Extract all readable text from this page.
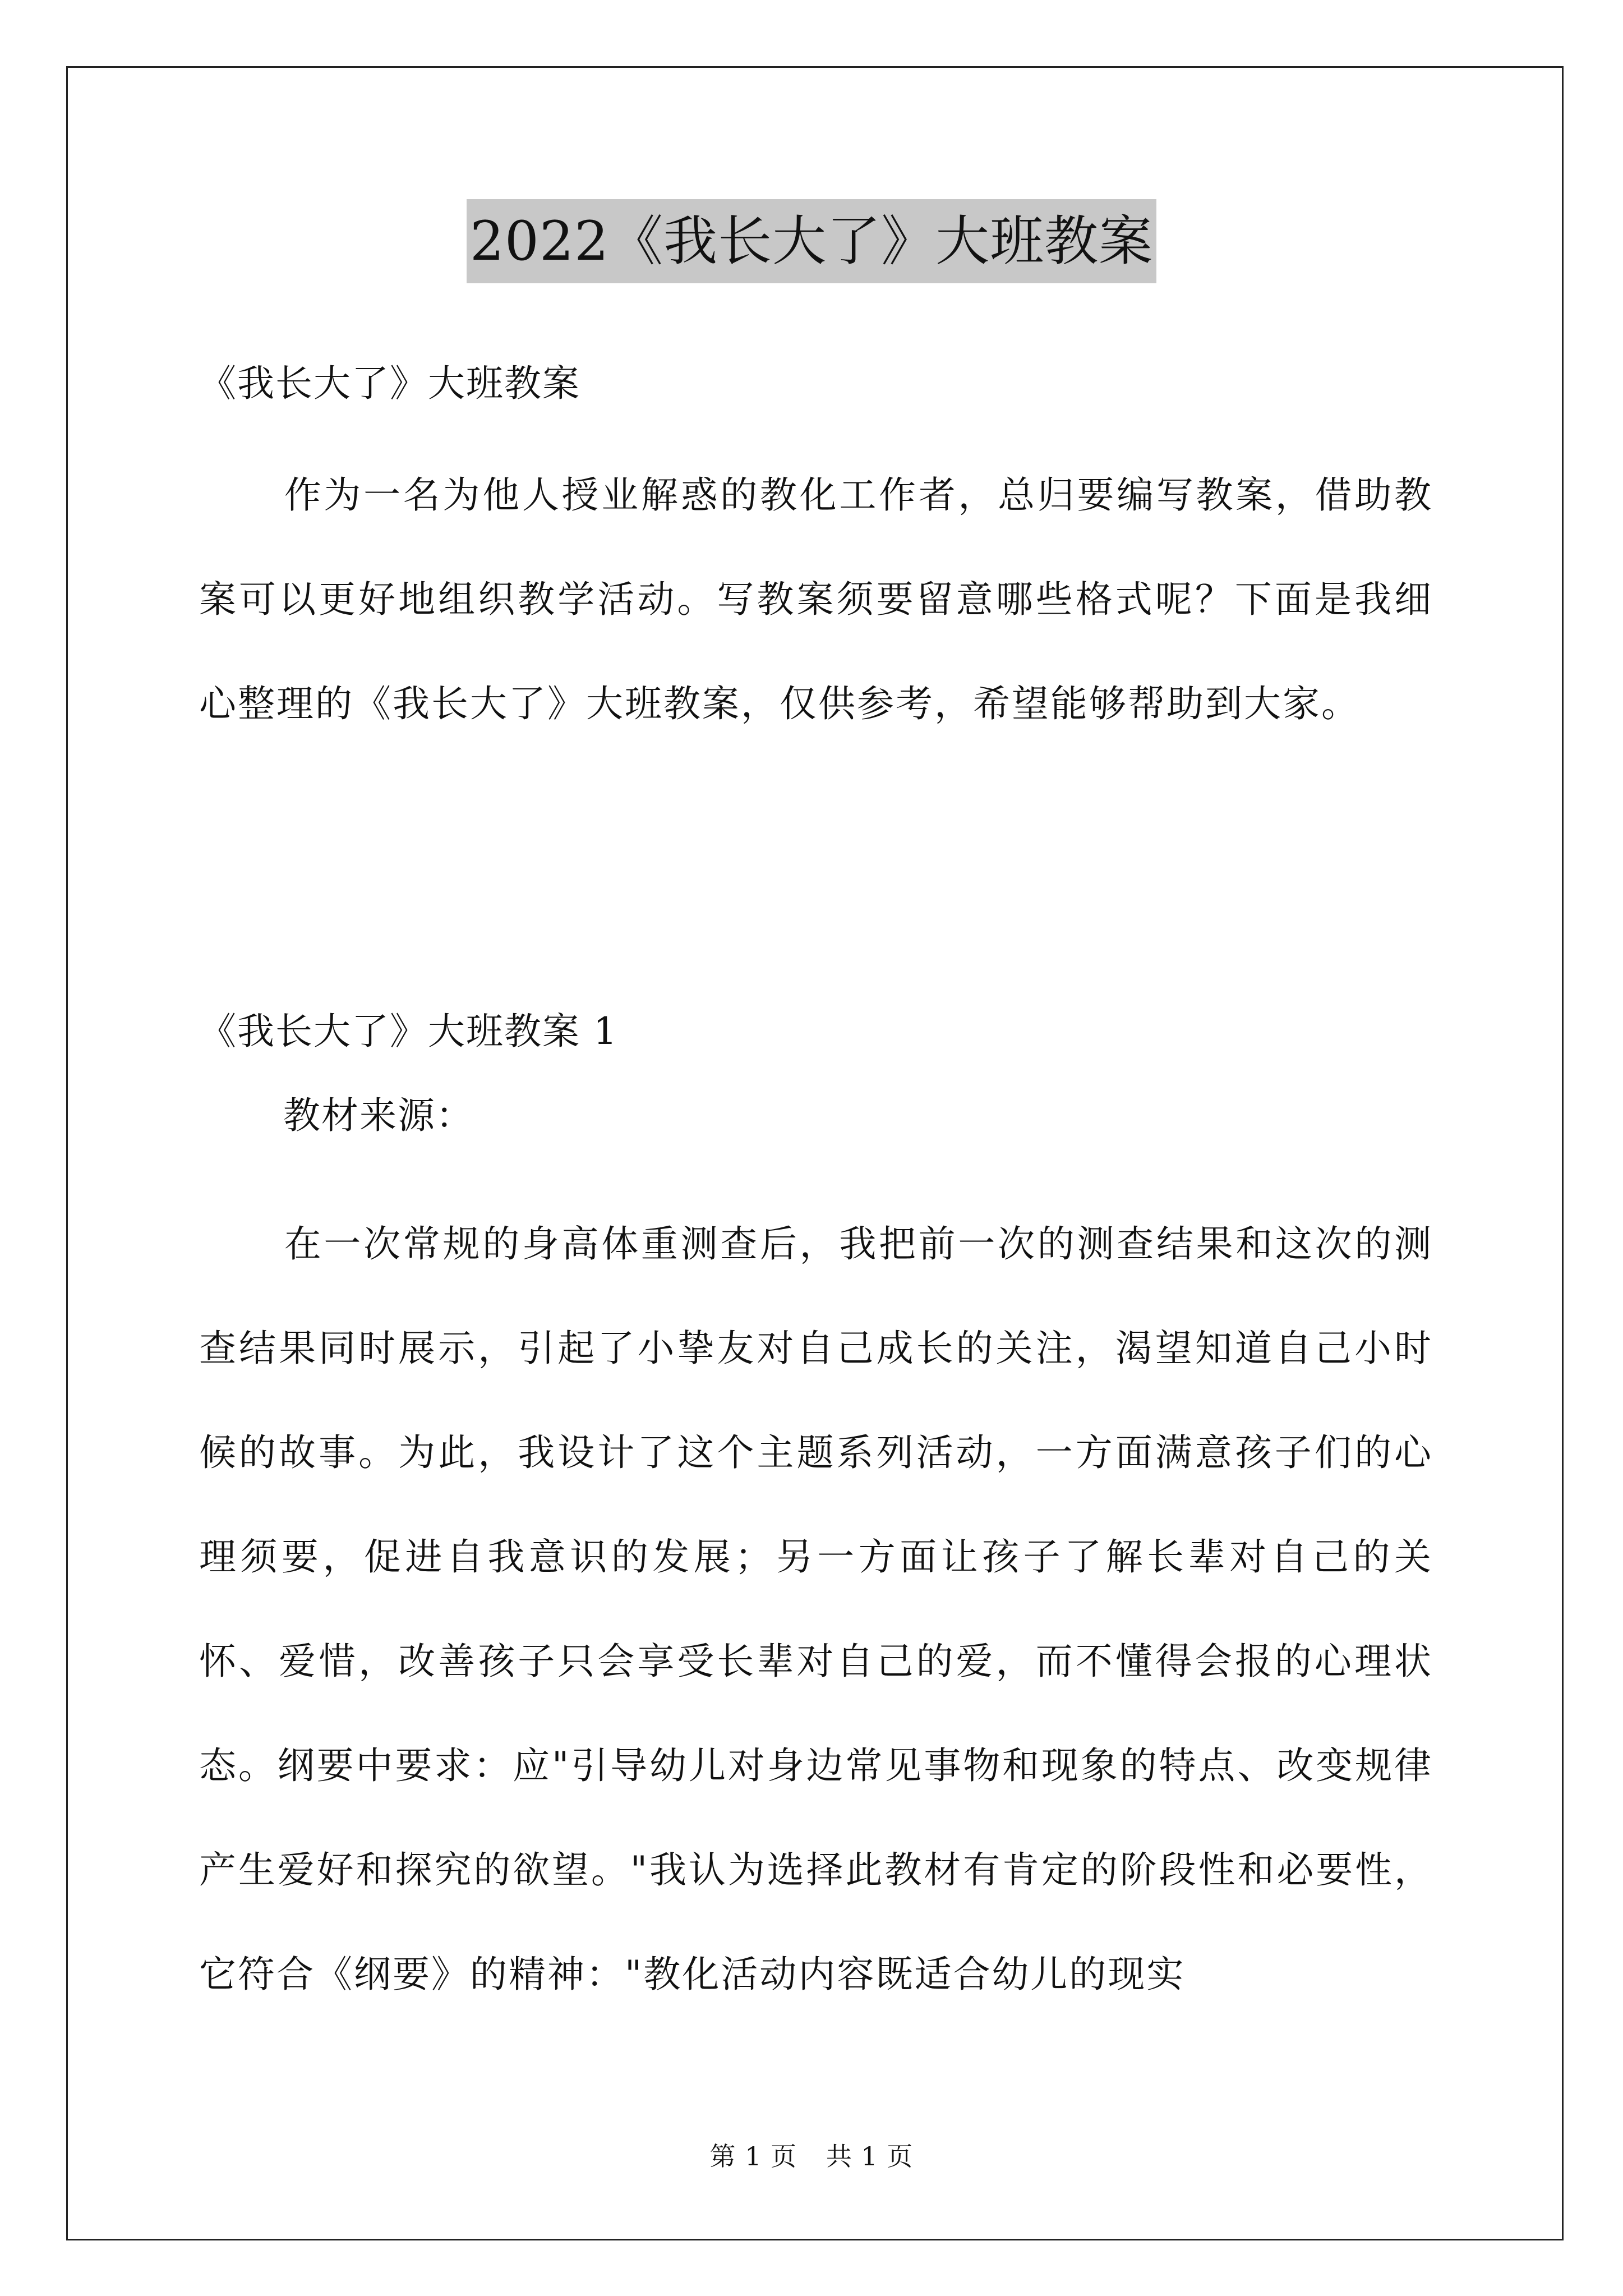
2022《我长大了》大班教案
《我长大了》大班教案
作为一名为他人授业解惑的教化工作者，总归要编写教案，借助教案可以更好地组织教学活动。写教案须要留意哪些格式呢？下面是我细心整理的《我长大了》大班教案，仅供参考，希望能够帮助到大家。
《我长大了》大班教案 1
教材来源：
在一次常规的身高体重测查后，我把前一次的测查结果和这次的测查结果同时展示，引起了小挚友对自己成长的关注，渴望知道自己小时候的故事。为此，我设计了这个主题系列活动，一方面满意孩子们的心理须要，促进自我意识的发展；另一方面让孩子了解长辈对自己的关怀、爱惜，改善孩子只会享受长辈对自己的爱，而不懂得会报的心理状态。纲要中要求：应"引导幼儿对身边常见事物和现象的特点、改变规律产生爱好和探究的欲望。"我认为选择此教材有肯定的阶段性和必要性，它符合《纲要》的精神："教化活动内容既适合幼儿的现实
第 1 页 共 1 页
